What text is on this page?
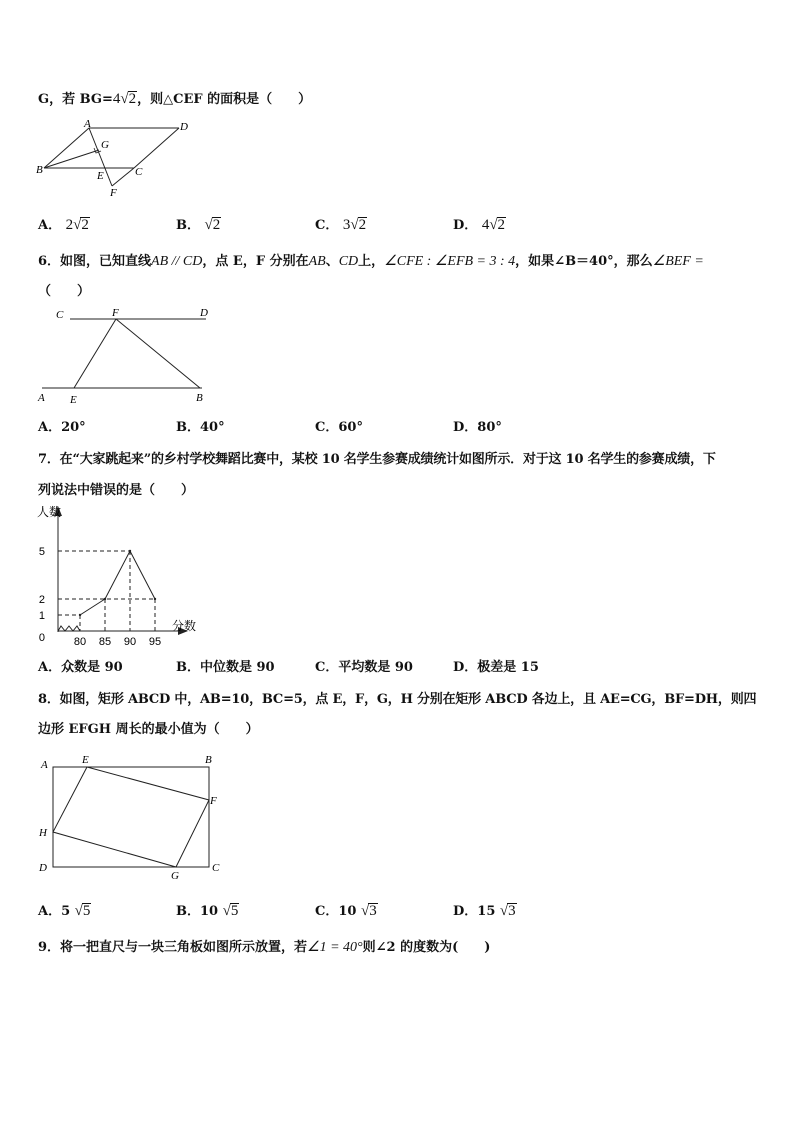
G，若 BG=4√2，则△CEF 的面积是（　　）
A	D
G
B	E	C
F
A． 2√2	B． √2	C． 3√2	D． 4√2
6．如图，已知直线AB // CD，点 E，F 分别在AB、CD上，∠CFE : ∠EFB = 3 : 4，如果∠B＝40°，那么∠BEF =
（　　）
C	F	D
A E	B
A．20°	B．40°	C．60°	D．80°
7．在“大家跳起来”的乡村学校舞蹈比赛中，某校 10 名学生参赛成绩统计如图所示．对于这 10 名学生的参赛成绩，下
列说法中错误的是（　　）
人数
分数
80 85 90 95
0
1
2
5
A．众数是 90	B．中位数是 90	C．平均数是 90	D．极差是 15
8．如图，矩形 ABCD 中，AB=10，BC=5，点 E，F，G，H 分别在矩形 ABCD 各边上，且 AE=CG，BF=DH，则四
边形 EFGH 周长的最小值为（　　）
A	E	B
F
H
D
G
C
A．5 √5	B．10 √5	C．10 √3	D．15 √3
9．将一把直尺与一块三角板如图所示放置，若∠1 = 40°则∠2 的度数为(　　)
